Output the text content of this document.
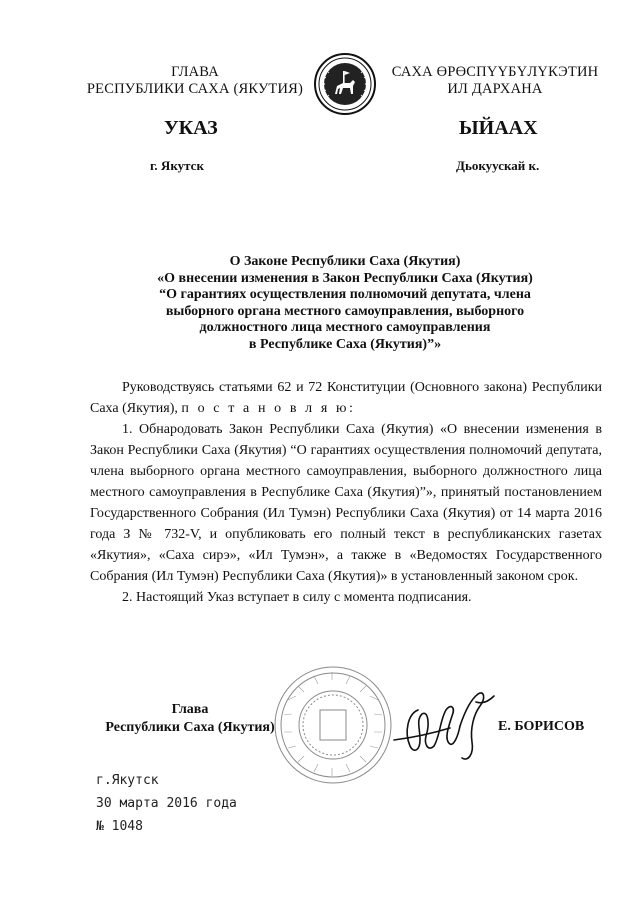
ГЛАВА
РЕСПУБЛИКИ САХА (ЯКУТИЯ)
САХА ӨРӨСПҮҮБҮЛҮКЭТИН
ИЛ ДАРХАНА
УКАЗ	ЫЙААХ
г. Якутск	Дьокуускай к.
О Законе Республики Саха (Якутия)
«О внесении изменения в Закон Республики Саха (Якутия)
“О гарантиях осуществления полномочий депутата, члена
выборного органа местного самоуправления, выборного
должностного лица местного самоуправления
в Республике Саха (Якутия)”»

Руководствуясь статьями 62 и 72 Конституции (Основного закона) Республики Саха (Якутия), п о с т а н о в л я ю:

1. Обнародовать Закон Республики Саха (Якутия) «О внесении изменения в Закон Республики Саха (Якутия) “О гарантиях осуществления полномочий депутата, члена выборного органа местного самоуправления, выборного должностного лица местного самоуправления в Республике Саха (Якутия)”», принятый постановлением Государственного Собрания (Ил Тумэн) Республики Саха (Якутия) от 14 марта 2016 года З № 732-V, и опубликовать его полный текст в республиканских газетах «Якутия», «Саха сирэ», «Ил Тумэн», а также в «Ведомостях Государственного Собрания (Ил Тумэн) Республики Саха (Якутия)» в установленный законом срок.

2. Настоящий Указ вступает в силу с момента подписания.

Глава
Республики Саха (Якутия)	Е. БОРИСОВ
г.Якутск
30 марта 2016 года
№ 1048
